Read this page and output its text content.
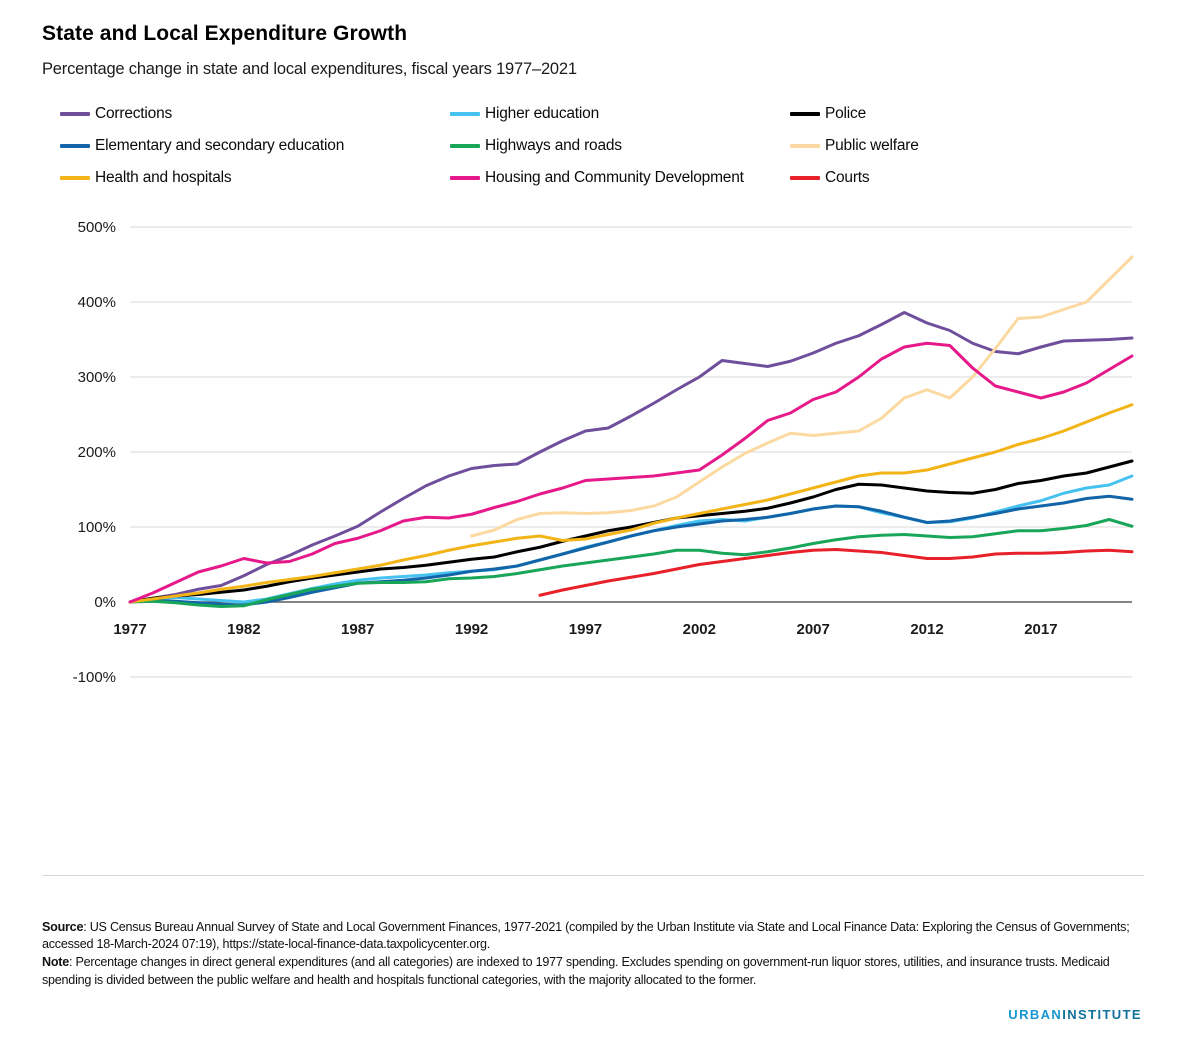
State and Local Expenditure Growth
Percentage change in state and local expenditures, fiscal years 1977–2021
Corrections	Higher education	Police
Elementary and secondary education	Highways and roads	Public welfare
Health and hospitals	Housing and Community Development	Courts
500%
400%
300%
200%
100%
0%
-100%
1977	1982	1987	1992	1997	2002	2007	2012	2017

Source: US Census Bureau Annual Survey of State and Local Government Finances, 1977-2021 (compiled by the Urban Institute via State and Local Finance Data: Exploring the Census of Governments; accessed 18-March-2024 07:19), https://state-local-finance-data.taxpolicycenter.org.

Note: Percentage changes in direct general expenditures (and all categories) are indexed to 1977 spending. Excludes spending on government-run liquor stores, utilities, and insurance trusts. Medicaid spending is divided between the public welfare and health and hospitals functional categories, with the majority allocated to the former.

URBANINSTITUTE
